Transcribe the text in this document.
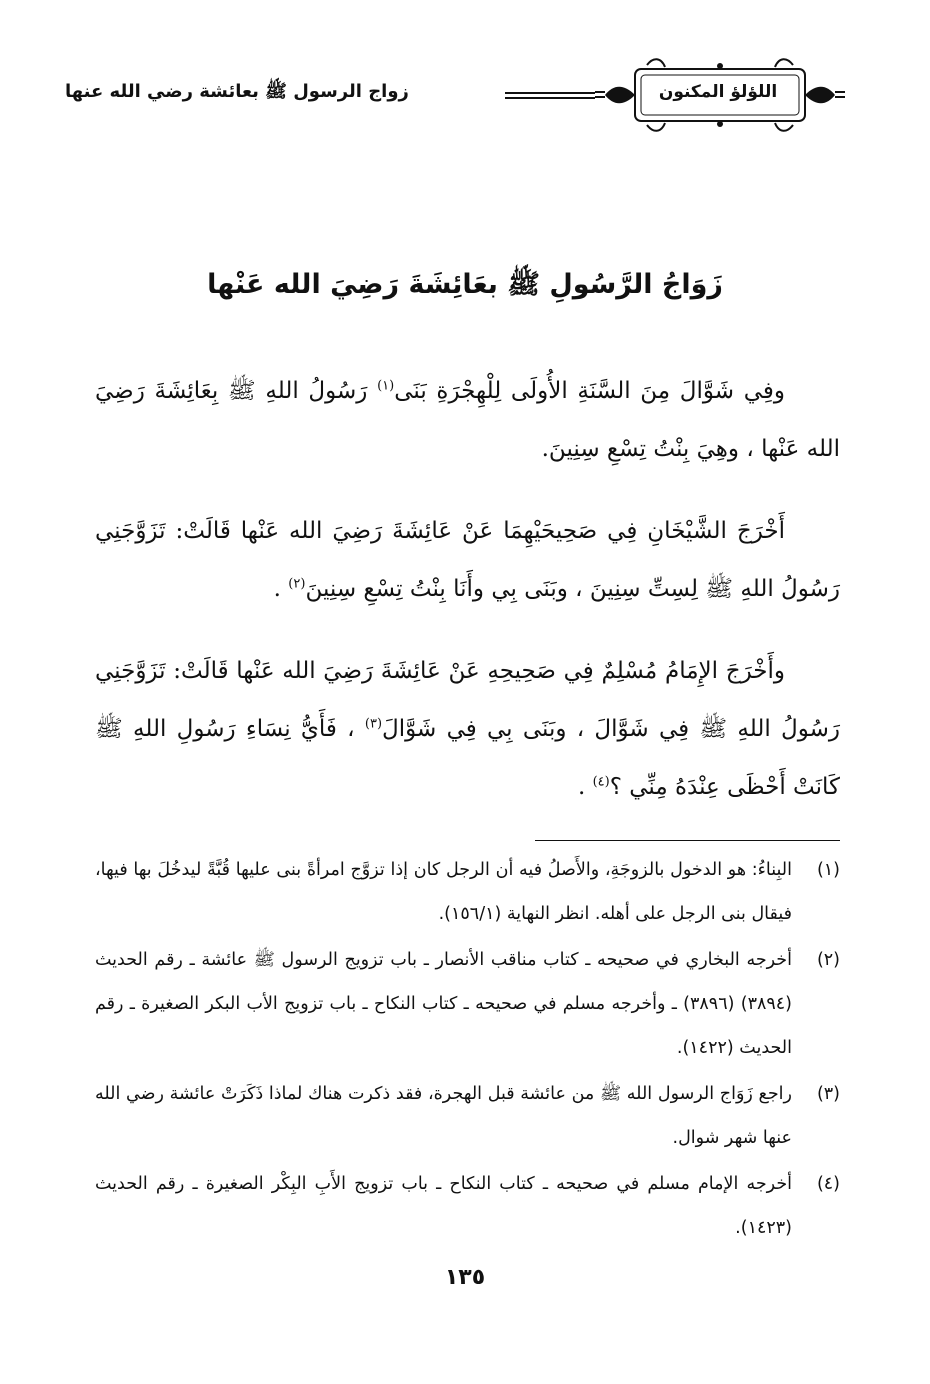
اللؤلؤ المكنون
زواج الرسول ﷺ بعائشة رضي الله عنها
زَوَاجُ الرَّسُولِ ﷺ بعَائِشَةَ رَضِيَ الله عَنْها

وفِي شَوَّالَ مِنَ السَّنَةِ الأُولَى لِلْهِجْرَةِ بَنَى$^{(١)}$ رَسُولُ اللهِ ﷺ بِعَائِشَةَ رَضِيَ الله عَنْها ، وهِيَ بِنْتُ تِسْعِ سِنِينَ.

أَخْرَجَ الشَّيْخَانِ فِي صَحِيحَيْهِمَا عَنْ عَائِشَةَ رَضِيَ الله عَنْها قَالَتْ: تَزَوَّجَنِي رَسُولُ اللهِ ﷺ لِسِتِّ سِنِينَ ، وبَنَى بِي وأَنَا بِنْتُ تِسْعِ سِنِينَ$^{(٢)}$ .

وأَخْرَجَ الإِمَامُ مُسْلِمٌ فِي صَحِيحِهِ عَنْ عَائِشَةَ رَضِيَ الله عَنْها قَالَتْ: تَزَوَّجَنِي رَسُولُ اللهِ ﷺ فِي شَوَّالَ ، وبَنَى بِي فِي شَوَّالَ$^{(٣)}$ ، فَأَيُّ نِسَاءِ رَسُولِ اللهِ ﷺ كَانَتْ أَحْظَى عِنْدَهُ مِنِّي ؟$^{(٤)}$ .

(١)
البِناءُ: هو الدخول بالزوجَةِ، والأَصلُ فيه أن الرجل كان إذا تزوَّج امرأةً بنى عليها قُبَّةً ليدخُلَ بها فيها، فيقال بنى الرجل على أهله. انظر النهاية (١٥٦/١).

(٢)
أخرجه البخاري في صحيحه ـ كتاب مناقب الأنصار ـ باب تزويج الرسول ﷺ عائشة ـ رقم الحديث (٣٨٩٤) (٣٨٩٦) ـ وأخرجه مسلم في صحيحه ـ كتاب النكاح ـ باب تزويج الأب البكر الصغيرة ـ رقم الحديث (١٤٢٢).

(٣)
راجع زَوَاج الرسول الله ﷺ من عائشة قبل الهجرة، فقد ذكرت هناك لماذا ذَكَرَتْ عائشة رضي الله عنها شهر شوال.

(٤)
أخرجه الإمام مسلم في صحيحه ـ كتاب النكاح ـ باب تزويج الأَبِ البِكْر الصغيرة ـ رقم الحديث (١٤٢٣).

١٣٥
